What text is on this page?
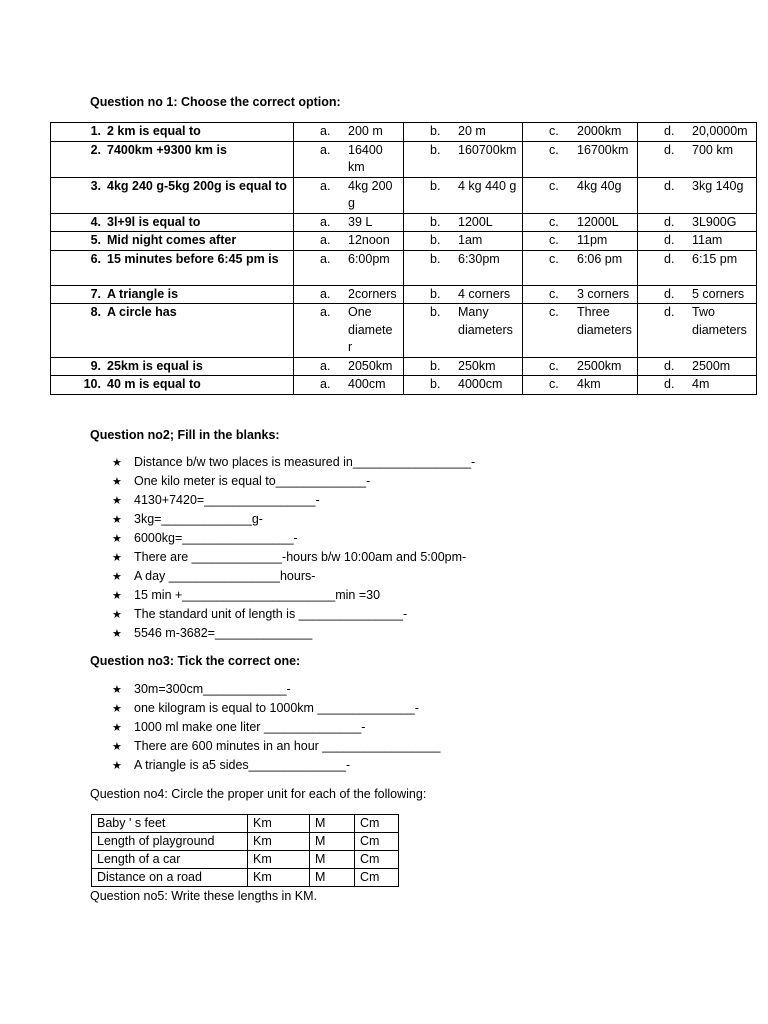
Question no 1: Choose the correct option:
1. 2 km is equal to	a. 200 m	b. 20 m	c. 2000km	d. 20,0000m

2. 7400km +9300 km is	a. 16400 km	b. 160700km	c. 16700km	d. 700 km

3. 4kg 240 g-5kg 200g is equal to	a. 4kg 200 g	b. 4 kg 440 g	c. 4kg 40g	d. 3kg 140g

4. 3l+9l is equal to	a. 39 L	b. 1200L	c. 12000L	d. 3L900G

5. Mid night comes after	a. 12noon	b. 1am	c. 11pm	d. 11am

6. 15 minutes before 6:45 pm is	a. 6:00pm	b. 6:30pm	c. 6:06 pm	d. 6:15 pm

7. A triangle is	a. 2corners	b. 4 corners	c. 3 corners	d. 5 corners

8. A circle has	a. One diamete r	b. Many diameters	c. Three diameters	d. Two diameters

9. 25km is equal is	a. 2050km	b. 250km	c. 2500km	d. 2500m

10. 40 m is equal to	a. 400cm	b. 4000cm	c. 4km	d. 4m
Question no2; Fill in the blanks:
★ Distance b/w two places is measured in_________________-
★ One kilo meter is equal to_____________-
★ 4130+7420=________________-
★ 3kg=_____________g-
★ 6000kg=________________-
★ There are _____________-hours b/w 10:00am and 5:00pm-
★ A day ________________hours-
★ 15 min +______________________min =30
★ The standard unit of length is _______________-
★ 5546 m-3682=______________
Question no3: Tick the correct one:
★ 30m=300cm____________-
★ one kilogram is equal to 1000km ______________-
★ 1000 ml make one liter ______________-
★ There are 600 minutes in an hour _________________
★ A triangle is a5 sides______________-
Question no4: Circle the proper unit for each of the following:
Baby ' s feet	Km	M	Cm
Length of playground	Km	M	Cm
Length of a car	Km	M	Cm
Distance on a road	Km	M	Cm
Question no5: Write these lengths in KM.
